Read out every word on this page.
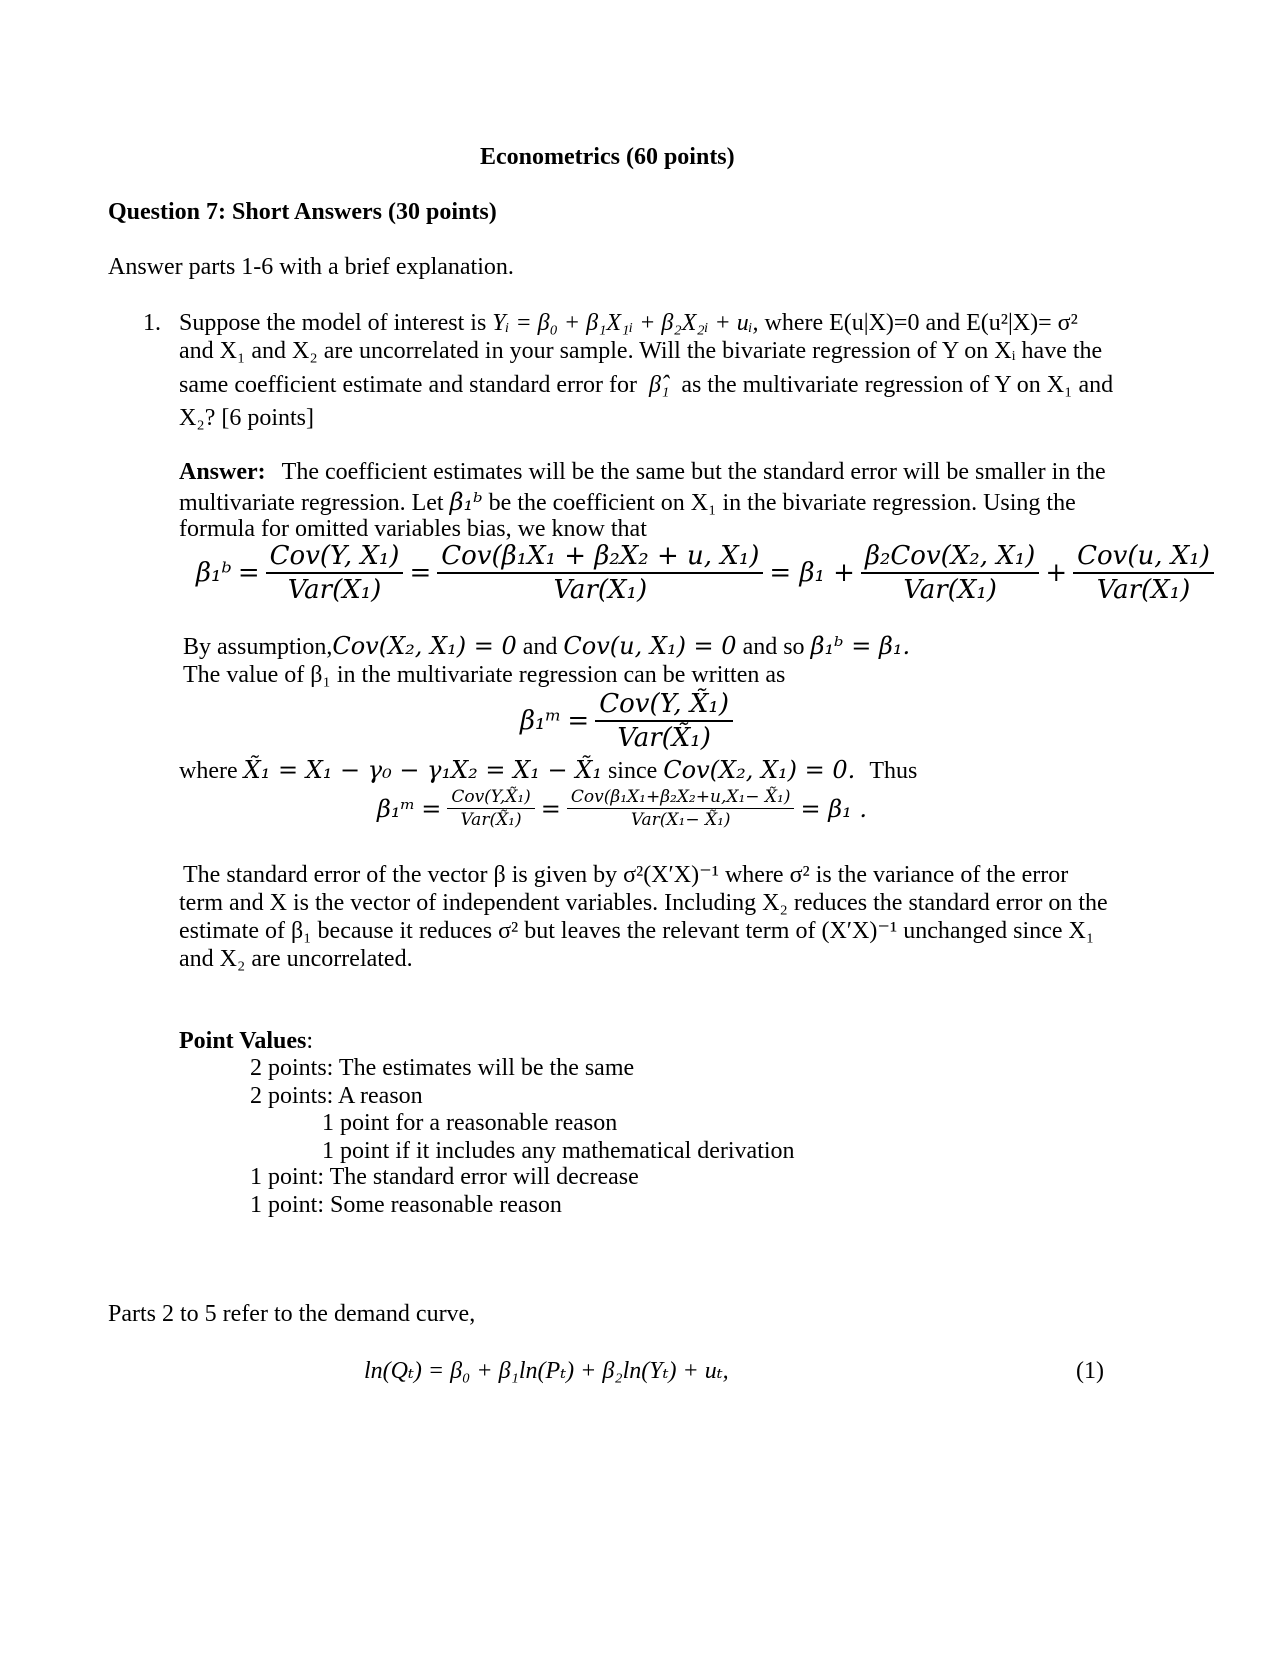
Econometrics (60 points)
Question 7: Short Answers (30 points)
Answer parts 1-6 with a brief explanation.
1. Suppose the model of interest is Yᵢ = β₀ + β₁X₁ᵢ + β₂X₂ᵢ + uᵢ, where E(u|X)=0 and E(u²|X)= σ²
and X₁ and X₂ are uncorrelated in your sample. Will the bivariate regression of Y on Xᵢ have the
same coefficient estimate and standard error for β̂₁ as the multivariate regression of Y on X₁ and
X₂? [6 points]
Answer: The coefficient estimates will be the same but the standard error will be smaller in the
multivariate regression. Let β₁ᵇ be the coefficient on X₁ in the bivariate regression. Using the
formula for omitted variables bias, we know that
β₁ᵇ = $\frac{\text{Cov(Y, X₁)}}{\text{Var(X₁)}} = \frac{\text{Cov(β₁X₁ + β₂X₂ + u, X₁)}}{\text{Var(X₁)}} = \beta_1 + \frac{\text{β₂Cov(X₂, X₁)}}{\text{Var(X₁)}} + \frac{\text{Cov(u, X₁)}}{\text{Var(X₁)}}$
By assumption,Cov(X₂, X₁) = 0 and Cov(u, X₁) = 0 and so β₁ᵇ = β₁.
The value of β₁ in the multivariate regression can be written as
β₁ᵐ = $\frac{\text{Cov(Y, X̃₁)}}{\text{Var(X̃₁)}}$
where X̃₁ = X₁ − γ₀ − γ₁X₂ = X₁ − X̃₁ since Cov(X₂, X₁) = 0. Thus
β₁ᵐ = $\frac{\text{Cov(Y,X̃₁)}}{\text{Var(X̃₁)}} = \frac{\text{Cov(β₁X₁+β₂X₂+u,X₁− X̃₁)}}{\text{Var(X₁− X̃₁)}} = \beta_1$ .
The standard error of the vector β is given by σ²(X′X)⁻¹ where σ² is the variance of the error
term and X is the vector of independent variables. Including X₂ reduces the standard error on the
estimate of β₁ because it reduces σ² but leaves the relevant term of (X′X)⁻¹ unchanged since X₁
and X₂ are uncorrelated.
Point Values:
2 points: The estimates will be the same
2 points: A reason
1 point for a reasonable reason
1 point if it includes any mathematical derivation
1 point: The standard error will decrease
1 point: Some reasonable reason
Parts 2 to 5 refer to the demand curve,
ln(Qₜ) = β₀ + β₁ln(Pₜ) + β₂ln(Yₜ) + uₜ,	(1)
